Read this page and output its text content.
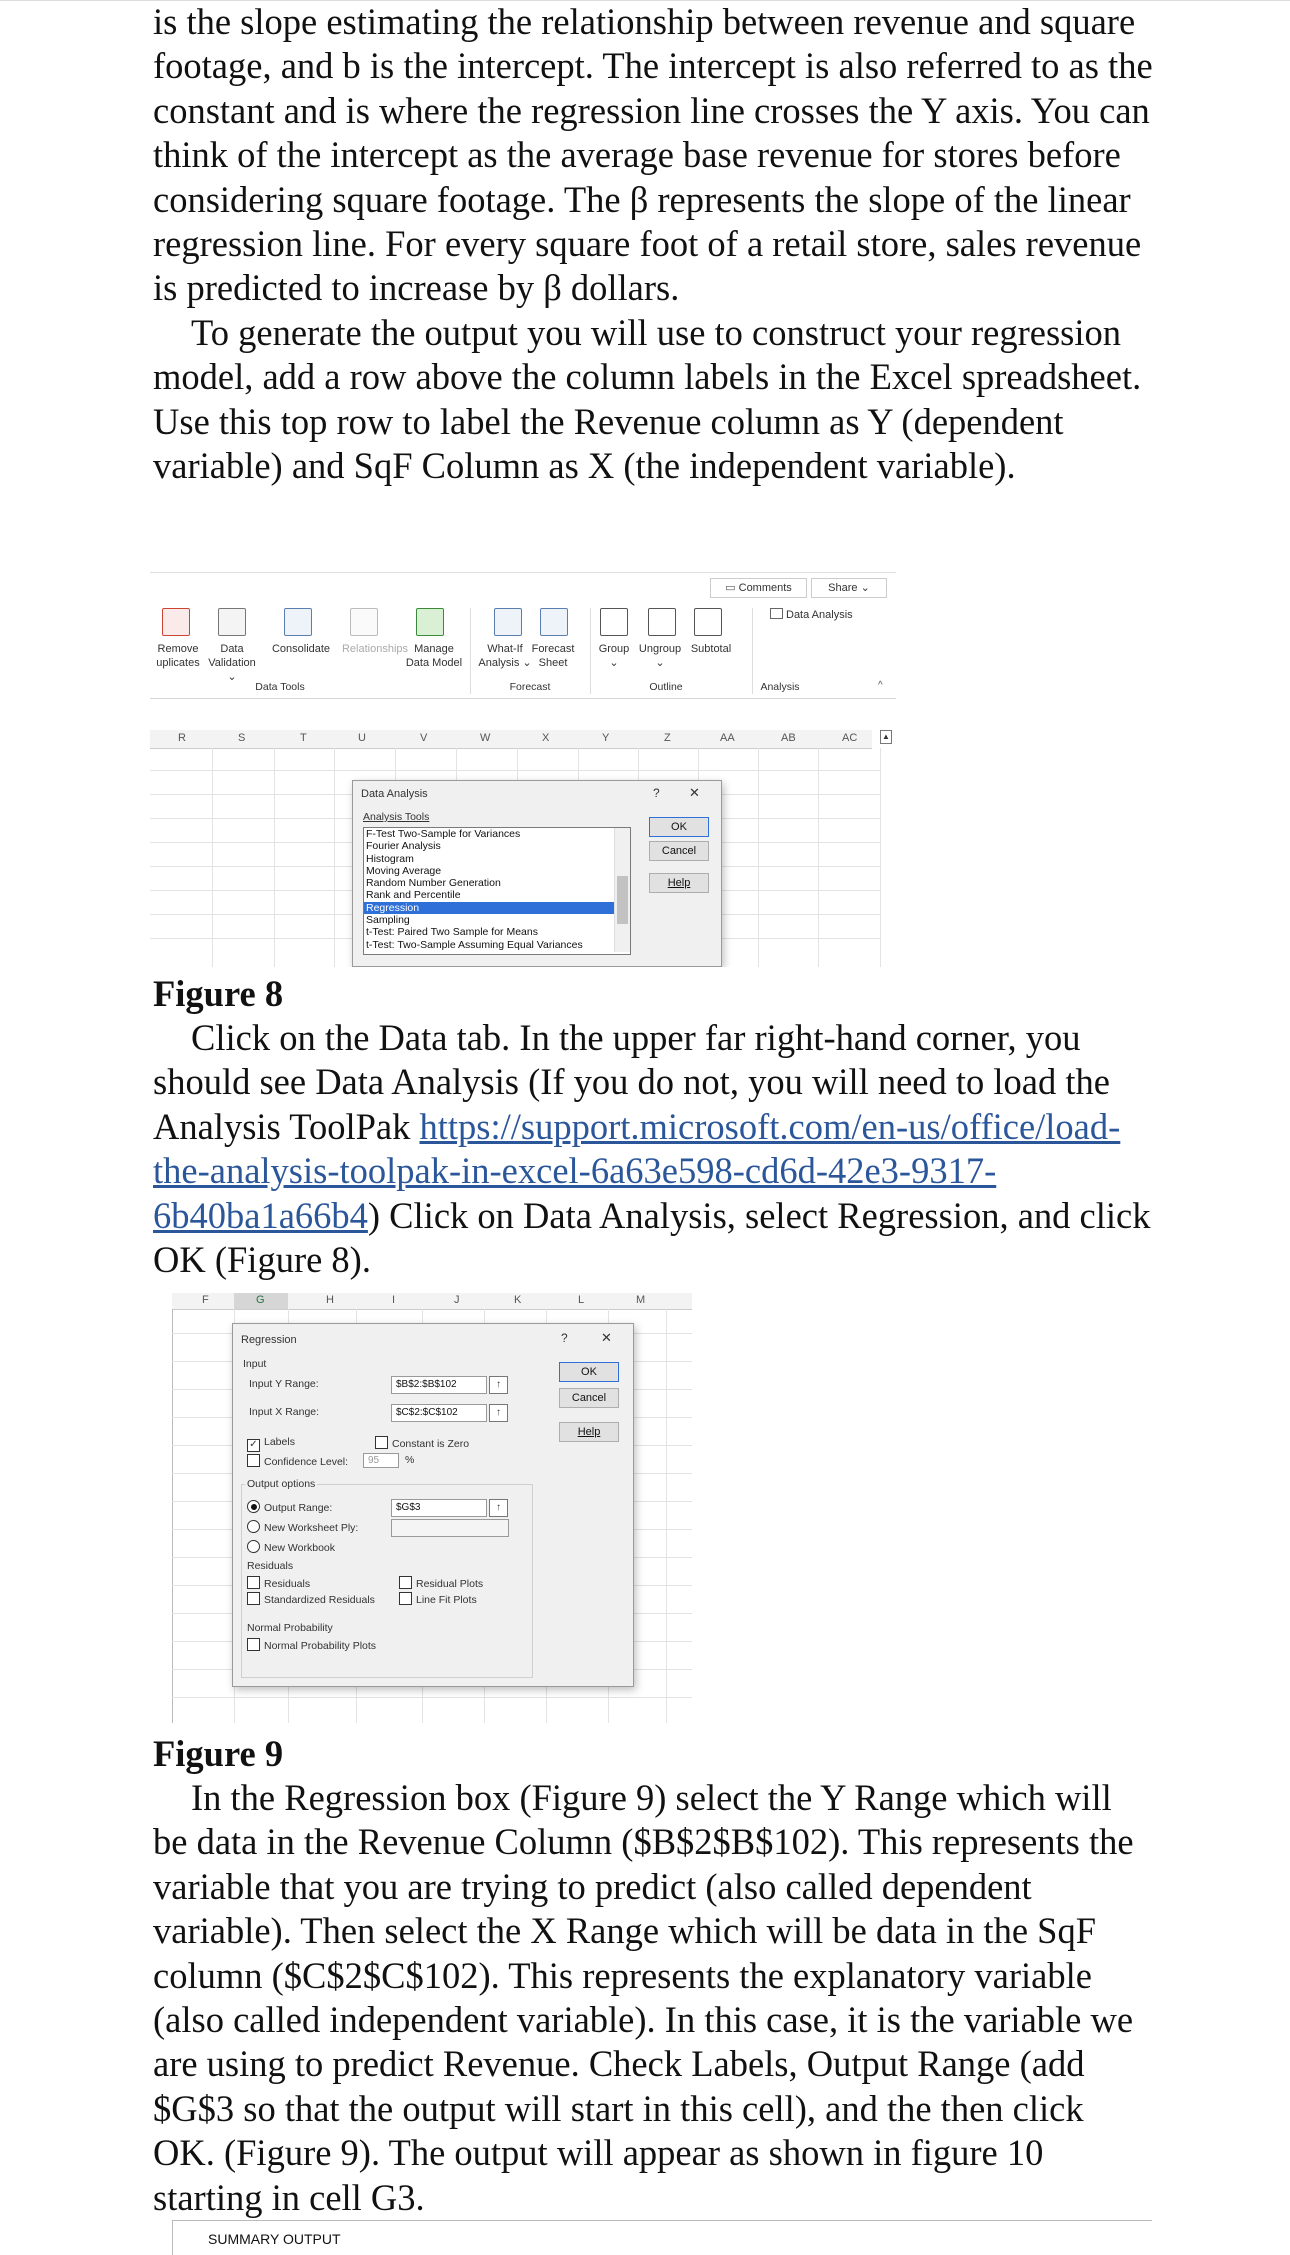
is the slope estimating the relationship between revenue and square footage, and b is the intercept. The intercept is also referred to as the constant and is where the regression line crosses the Y axis. You can think of the intercept as the average base revenue for stores before considering square footage. The β represents the slope of the linear regression line. For every square foot of a retail store, sales revenue is predicted to increase by β dollars.

To generate the output you will use to construct your regression model, add a row above the column labels in the Excel spreadsheet. Use this top row to label the Revenue column as Y (dependent variable) and SqF Column as X (the independent variable).

▭ Comments	Share ⌄
Data Analysis
Remove
uplicates
Data
Validation ⌄
Consolidate	Relationships Manage
Data Model
What-If
Analysis ⌄
Forecast
Sheet
Group
⌄
Ungroup
⌄
Subtotal
Data Tools	Forecast	Outline	Analysis	^
R	S	T	U	V	W	X	Y	Z	AA	AB	AC	▲
Data Analysis	? ✕
Analysis Tools
F-Test Two-Sample for Variances
Fourier Analysis
Histogram
Moving Average
Random Number Generation
Rank and Percentile
Regression
Sampling
t-Test: Paired Two Sample for Means
t-Test: Two-Sample Assuming Equal Variances
OK
Cancel
Help
Figure 8

Click on the Data tab. In the upper far right-hand corner, you should see Data Analysis (If you do not, you will need to load the Analysis ToolPak https://support.microsoft.com/en-us/office/load-the-analysis-toolpak-in-excel-6a63e598-cd6d-42e3-9317-6b40ba1a66b4) Click on Data Analysis, select Regression, and click OK (Figure 8).

F	G	H	I	J	K	L	M
Regression	?	✕
Input
Input Y Range:	$B$2:$B$102	↑
Input X Range:	$C$2:$C$102	↑
✓ Labels
Confidence Level:	95	%
Constant is Zero
Output options
Output Range:	$G$3	↑
New Worksheet Ply:
New Workbook
Residuals
Residuals
Standardized Residuals
Residual Plots
Line Fit Plots
Normal Probability
Normal Probability Plots
OK
Cancel
Help
Figure 9

In the Regression box (Figure 9) select the Y Range which will be data in the Revenue Column ($B$2$B$102). This represents the variable that you are trying to predict (also called dependent variable). Then select the X Range which will be data in the SqF column ($C$2$C$102). This represents the explanatory variable (also called independent variable). In this case, it is the variable we are using to predict Revenue. Check Labels, Output Range (add $G$3 so that the output will start in this cell), and the then click OK. (Figure 9). The output will appear as shown in figure 10 starting in cell G3.

SUMMARY OUTPUT
